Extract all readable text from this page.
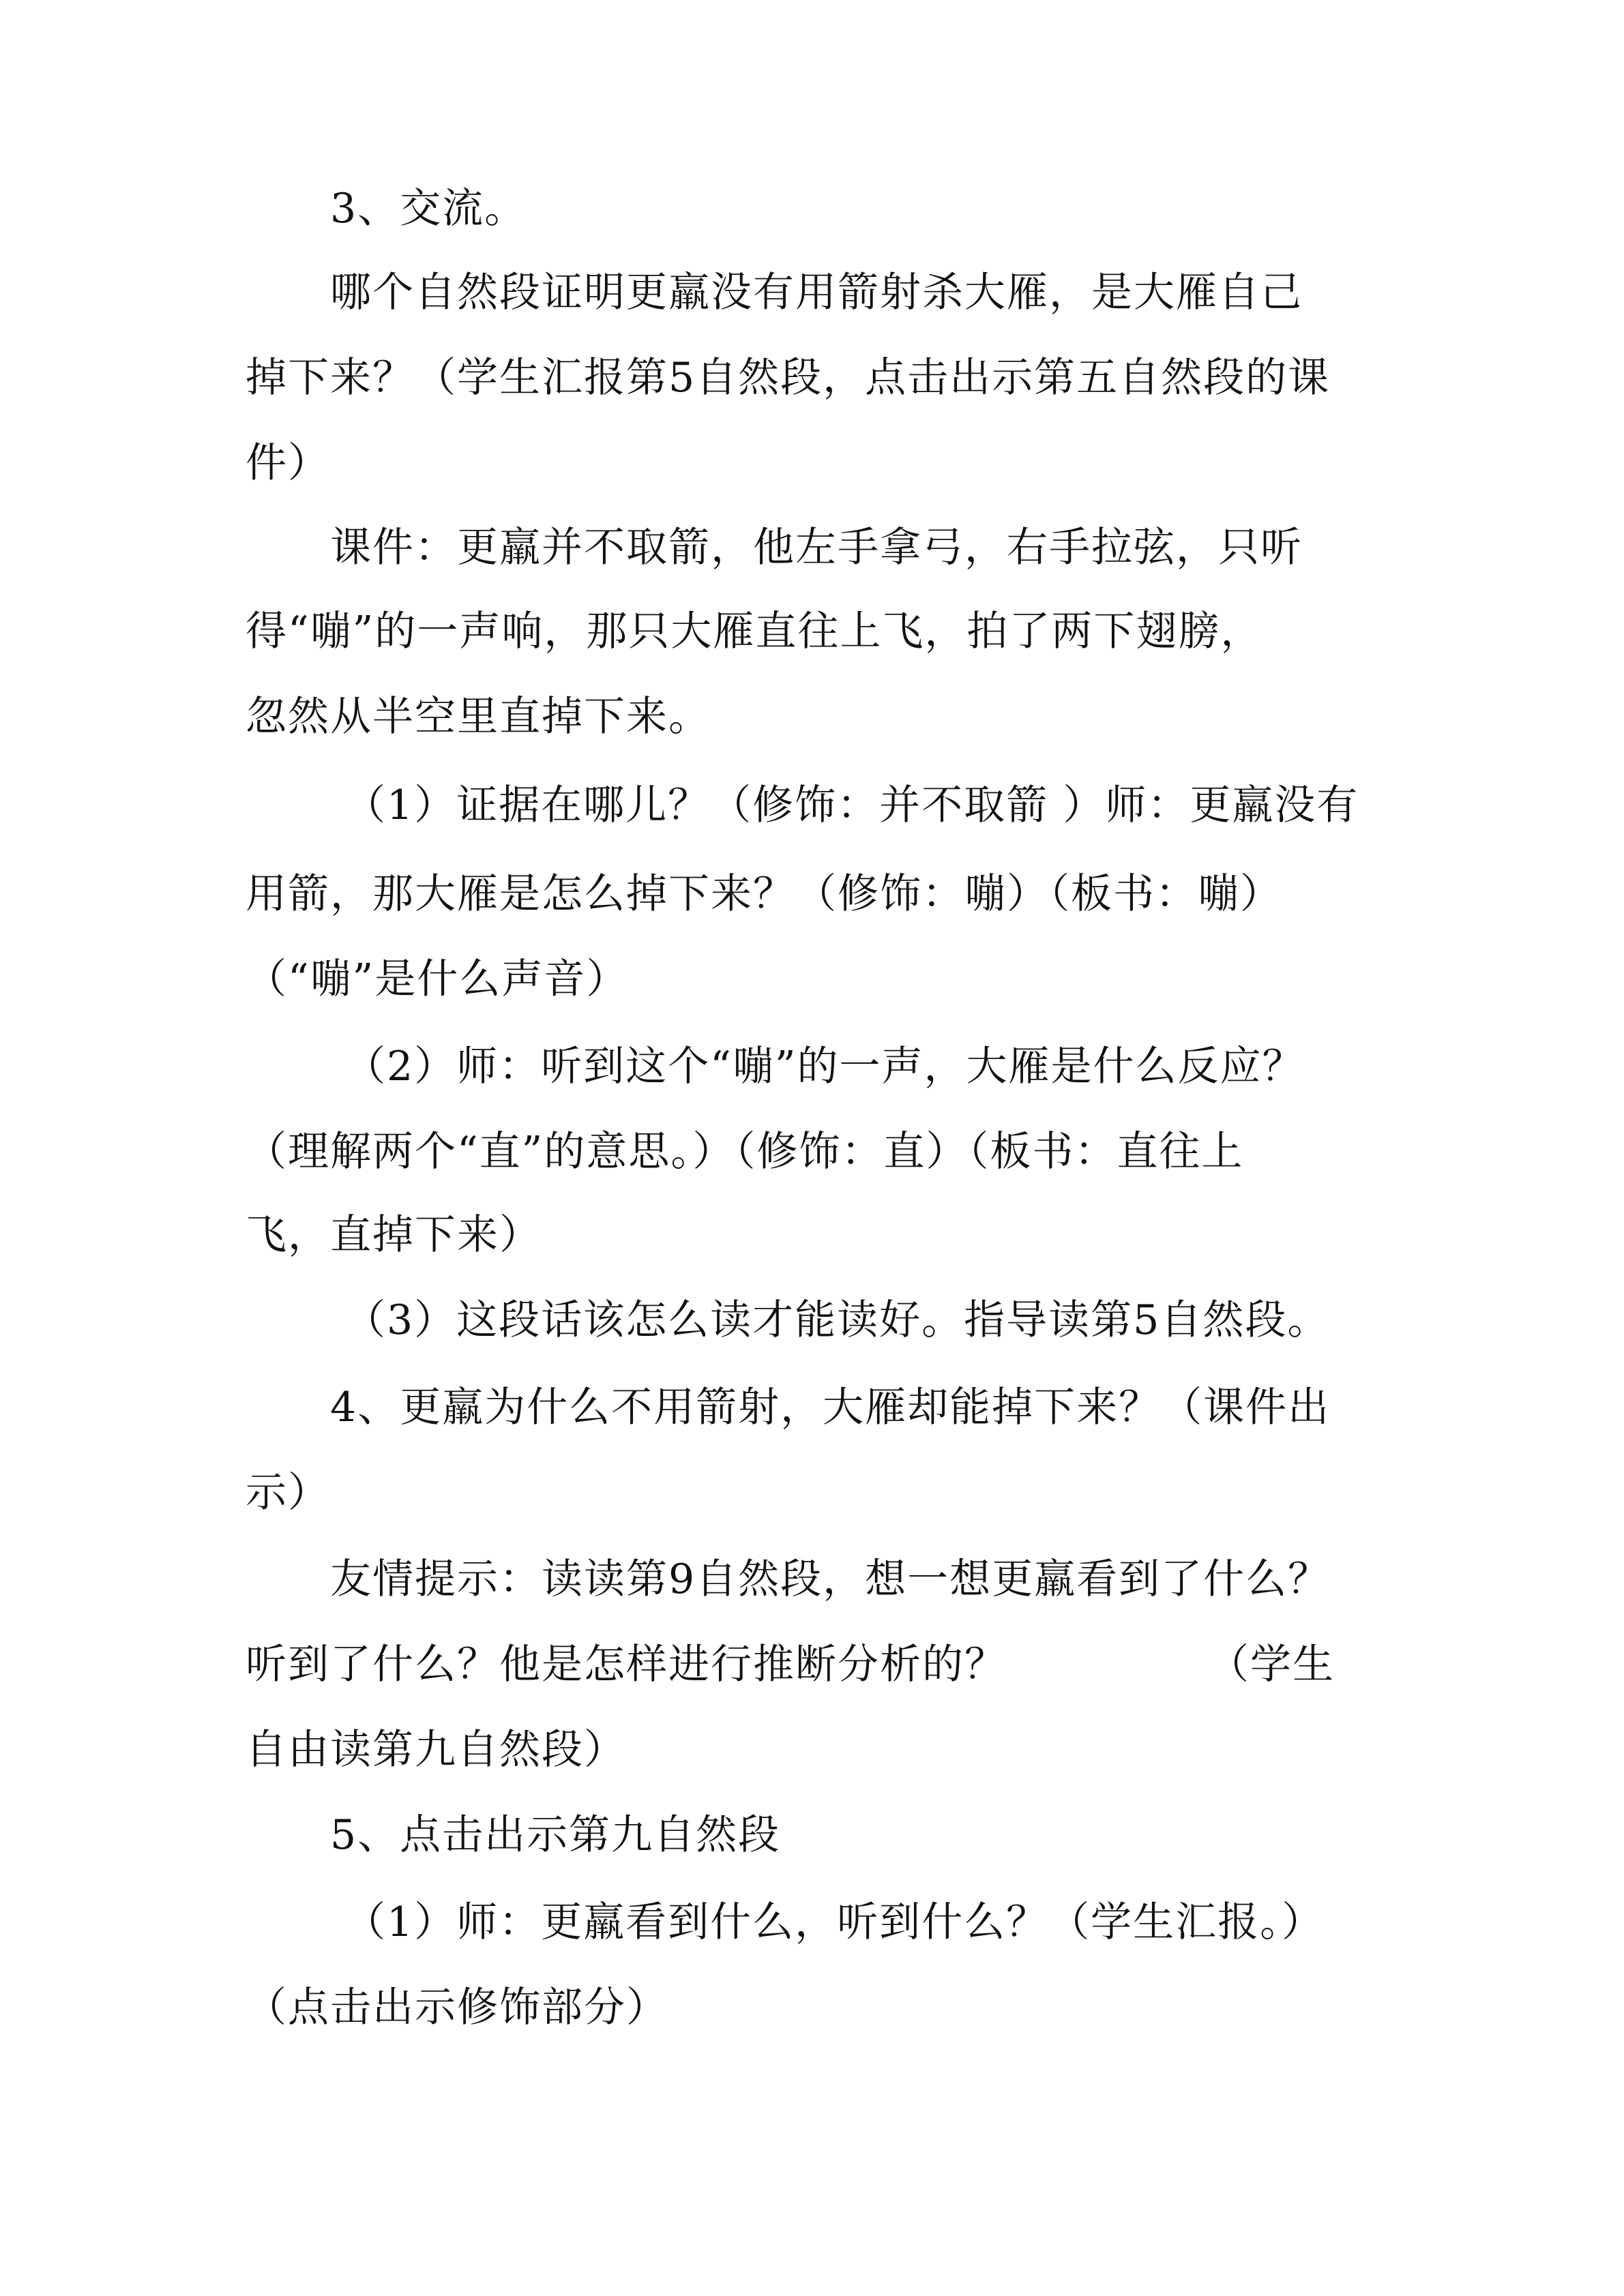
3、交流。
哪个自然段证明更羸没有用箭射杀大雁，是大雁自己
掉下来？（学生汇报第5自然段，点击出示第五自然段的课
件）
课件：更羸并不取箭，他左手拿弓，右手拉弦，只听
得“嘣”的一声响，那只大雁直往上飞，拍了两下翅膀，
忽然从半空里直掉下来。
（1）证据在哪儿？（修饰：并不取箭 ）师：更羸没有
用箭，那大雁是怎么掉下来？（修饰：嘣）（板书：嘣）
（“嘣”是什么声音）
（2）师：听到这个“嘣”的一声，大雁是什么反应？
（理解两个“直”的意思。）（修饰：直）（板书：直往上
飞，直掉下来）
（3）这段话该怎么读才能读好。指导读第5自然段。
4、更羸为什么不用箭射，大雁却能掉下来？（课件出
示）
友情提示：读读第9自然段，想一想更羸看到了什么？
听到了什么？他是怎样进行推断分析的？              （学生
自由读第九自然段）
5、点击出示第九自然段
（1）师：更羸看到什么，听到什么？（学生汇报。）
（点击出示修饰部分）
